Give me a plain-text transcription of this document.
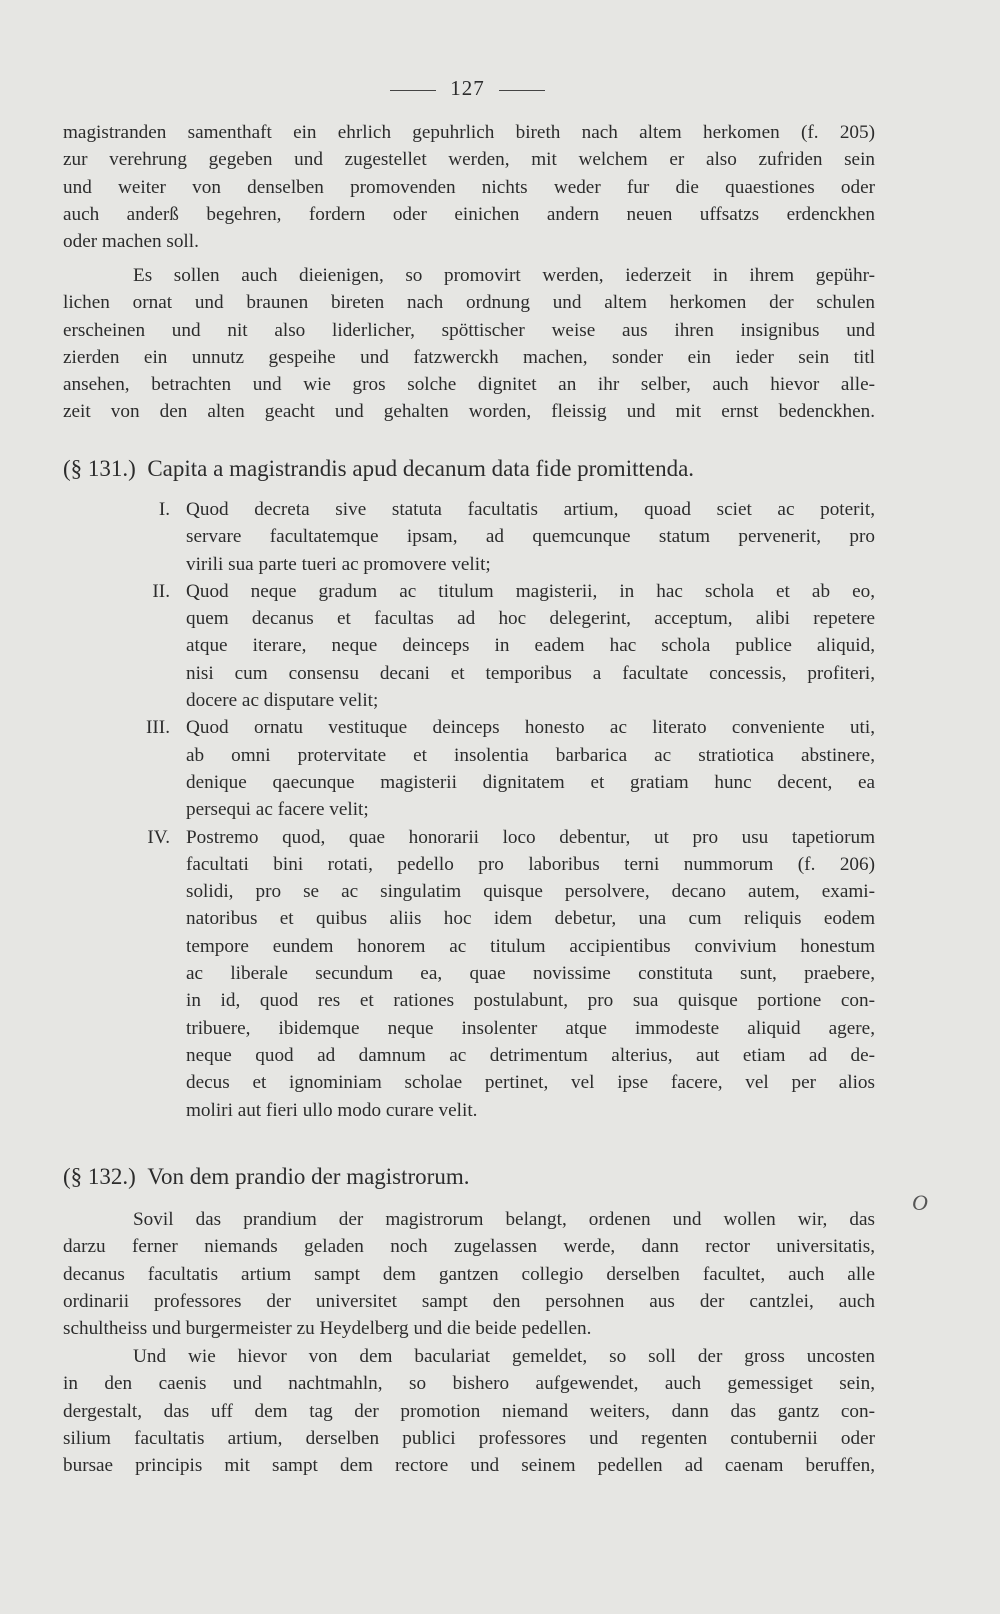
127
magistranden samenthaft ein ehrlich gepuhrlich bireth nach altem herkomen (f. 205)
zur verehrung gegeben und zugestellet werden, mit welchem er also zufriden sein
und weiter von denselben promovenden nichts weder fur die quaestiones oder
auch anderß begehren, fordern oder einichen andern neuen uffsatzs erdenckhen
oder machen soll.
Es sollen auch dieienigen, so promovirt werden, iederzeit in ihrem gepühr-
lichen ornat und braunen bireten nach ordnung und altem herkomen der schulen
erscheinen und nit also liderlicher, spöttischer weise aus ihren insignibus und
zierden ein unnutz gespeihe und fatzwerckh machen, sonder ein ieder sein titl
ansehen, betrachten und wie gros solche dignitet an ihr selber, auch hievor alle-
zeit von den alten geacht und gehalten worden, fleissig und mit ernst bedenckhen.
(§ 131.) Capita a magistrandis apud decanum data fide promittenda.
I. Quod decreta sive statuta facultatis artium, quoad sciet ac poterit,
servare facultatemque ipsam, ad quemcunque statum pervenerit, pro
virili sua parte tueri ac promovere velit;
II. Quod neque gradum ac titulum magisterii, in hac schola et ab eo,
quem decanus et facultas ad hoc delegerint, acceptum, alibi repetere
atque iterare, neque deinceps in eadem hac schola publice aliquid,
nisi cum consensu decani et temporibus a facultate concessis, profiteri,
docere ac disputare velit;
III. Quod ornatu vestituque deinceps honesto ac literato conveniente uti,
ab omni protervitate et insolentia barbarica ac stratiotica abstinere,
denique qaecunque magisterii dignitatem et gratiam hunc decent, ea
persequi ac facere velit;
IV. Postremo quod, quae honorarii loco debentur, ut pro usu tapetiorum
facultati bini rotati, pedello pro laboribus terni nummorum (f. 206)
solidi, pro se ac singulatim quisque persolvere, decano autem, exami-
natoribus et quibus aliis hoc idem debetur, una cum reliquis eodem
tempore eundem honorem ac titulum accipientibus convivium honestum
ac liberale secundum ea, quae novissime constituta sunt, praebere,
in id, quod res et rationes postulabunt, pro sua quisque portione con-
tribuere, ibidemque neque insolenter atque immodeste aliquid agere,
neque quod ad damnum ac detrimentum alterius, aut etiam ad de-
decus et ignominiam scholae pertinet, vel ipse facere, vel per alios
moliri aut fieri ullo modo curare velit.
(§ 132.) Von dem prandio der magistrorum.
O
Sovil das prandium der magistrorum belangt, ordenen und wollen wir, das
darzu ferner niemands geladen noch zugelassen werde, dann rector universitatis,
decanus facultatis artium sampt dem gantzen collegio derselben facultet, auch alle
ordinarii professores der universitet sampt den persohnen aus der cantzlei, auch
schultheiss und burgermeister zu Heydelberg und die beide pedellen.
Und wie hievor von dem baculariat gemeldet, so soll der gross uncosten
in den caenis und nachtmahln, so bishero aufgewendet, auch gemessiget sein,
dergestalt, das uff dem tag der promotion niemand weiters, dann das gantz con-
silium facultatis artium, derselben publici professores und regenten contubernii oder
bursae principis mit sampt dem rectore und seinem pedellen ad caenam beruffen,
